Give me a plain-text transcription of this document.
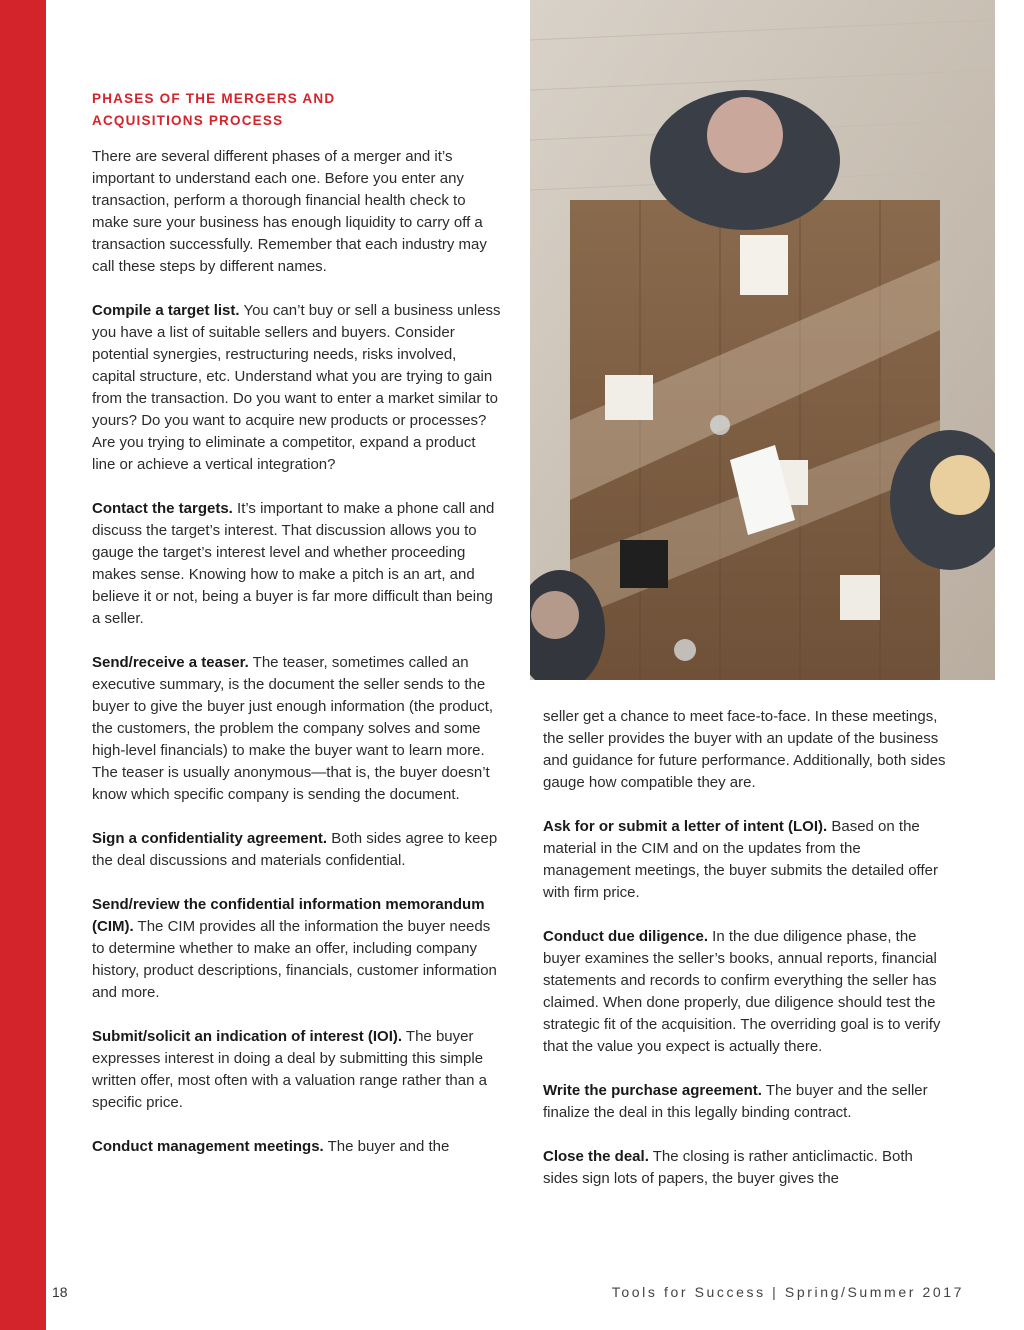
PHASES OF THE MERGERS AND ACQUISITIONS PROCESS

There are several different phases of a merger and it’s important to understand each one. Before you enter any transaction, perform a thorough financial health check to make sure your business has enough liquidity to carry off a transaction successfully. Remember that each industry may call these steps by different names.

Compile a target list. You can’t buy or sell a business unless you have a list of suitable sellers and buyers. Consider potential synergies, restructuring needs, risks involved, capital structure, etc. Understand what you are trying to gain from the transaction. Do you want to enter a market similar to yours? Do you want to acquire new products or processes? Are you trying to eliminate a competitor, expand a product line or achieve a vertical integration?

Contact the targets. It’s important to make a phone call and discuss the target’s interest. That discussion allows you to gauge the target’s interest level and whether proceeding makes sense. Knowing how to make a pitch is an art, and believe it or not, being a buyer is far more difficult than being a seller.

Send/receive a teaser. The teaser, sometimes called an executive summary, is the document the seller sends to the buyer to give the buyer just enough information (the product, the customers, the problem the company solves and some high-level financials) to make the buyer want to learn more. The teaser is usually anonymous—that is, the buyer doesn’t know which specific company is sending the document.

Sign a confidentiality agreement. Both sides agree to keep the deal discussions and materials confidential.

Send/review the confidential information memorandum (CIM). The CIM provides all the information the buyer needs to determine whether to make an offer, including company history, product descriptions, financials, customer information and more.

Submit/solicit an indication of interest (IOI). The buyer expresses interest in doing a deal by submitting this simple written offer, most often with a valuation range rather than a specific price.

Conduct management meetings. The buyer and the

seller get a chance to meet face-to-face. In these meetings, the seller provides the buyer with an update of the business and guidance for future performance. Additionally, both sides gauge how compatible they are.

Ask for or submit a letter of intent (LOI). Based on the material in the CIM and on the updates from the management meetings, the buyer submits the detailed offer with firm price.

Conduct due diligence. In the due diligence phase, the buyer examines the seller’s books, annual reports, financial statements and records to confirm everything the seller has claimed. When done properly, due diligence should test the strategic fit of the acquisition. The overriding goal is to verify that the value you expect is actually there.

Write the purchase agreement. The buyer and the seller finalize the deal in this legally binding contract.

Close the deal. The closing is rather anticlimactic. Both sides sign lots of papers, the buyer gives the

18	Tools for Success | Spring/Summer 2017
